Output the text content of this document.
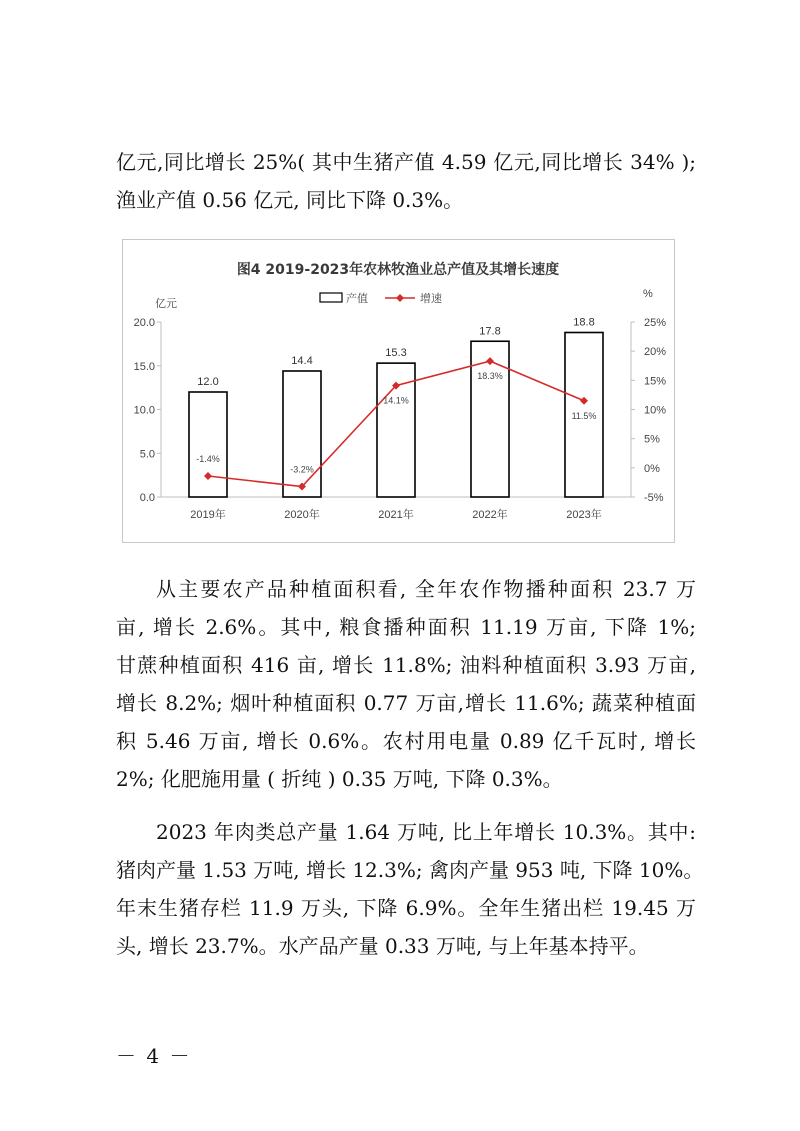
亿元,同比增长 25%( 其中生猪产值 4.59 亿元,同比增长 34% );
渔业产值 0.56 亿元, 同比下降 0.3%。
图4 2019-2023年农林牧渔业总产值及其增长速度
产值	增速
亿元
%
0.0
5.0
10.0
15.0
20.0
-5%
0%
5%
10%
15%
20%
25%
12.0
14.4
15.3
17.8
18.8
2019年	2020年	2021年	2022年	2023年
-1.4%
-3.2%
14.1%
18.3%
11.5%
从主要农产品种植面积看, 全年农作物播种面积 23.7 万
亩, 增长 2.6%。其中, 粮食播种面积 11.19 万亩, 下降 1%;
甘蔗种植面积 416 亩, 增长 11.8%; 油料种植面积 3.93 万亩,
增长 8.2%; 烟叶种植面积 0.77 万亩,增长 11.6%; 蔬菜种植面
积 5.46 万亩, 增长 0.6%。农村用电量 0.89 亿千瓦时, 增长
2%; 化肥施用量 ( 折纯 ) 0.35 万吨, 下降 0.3%。
2023 年肉类总产量 1.64 万吨, 比上年增长 10.3%。其中:
猪肉产量 1.53 万吨, 增长 12.3%; 禽肉产量 953 吨, 下降 10%。
年末生猪存栏 11.9 万头, 下降 6.9%。全年生猪出栏 19.45 万
头, 增长 23.7%。水产品产量 0.33 万吨, 与上年基本持平。
－ 4 －
